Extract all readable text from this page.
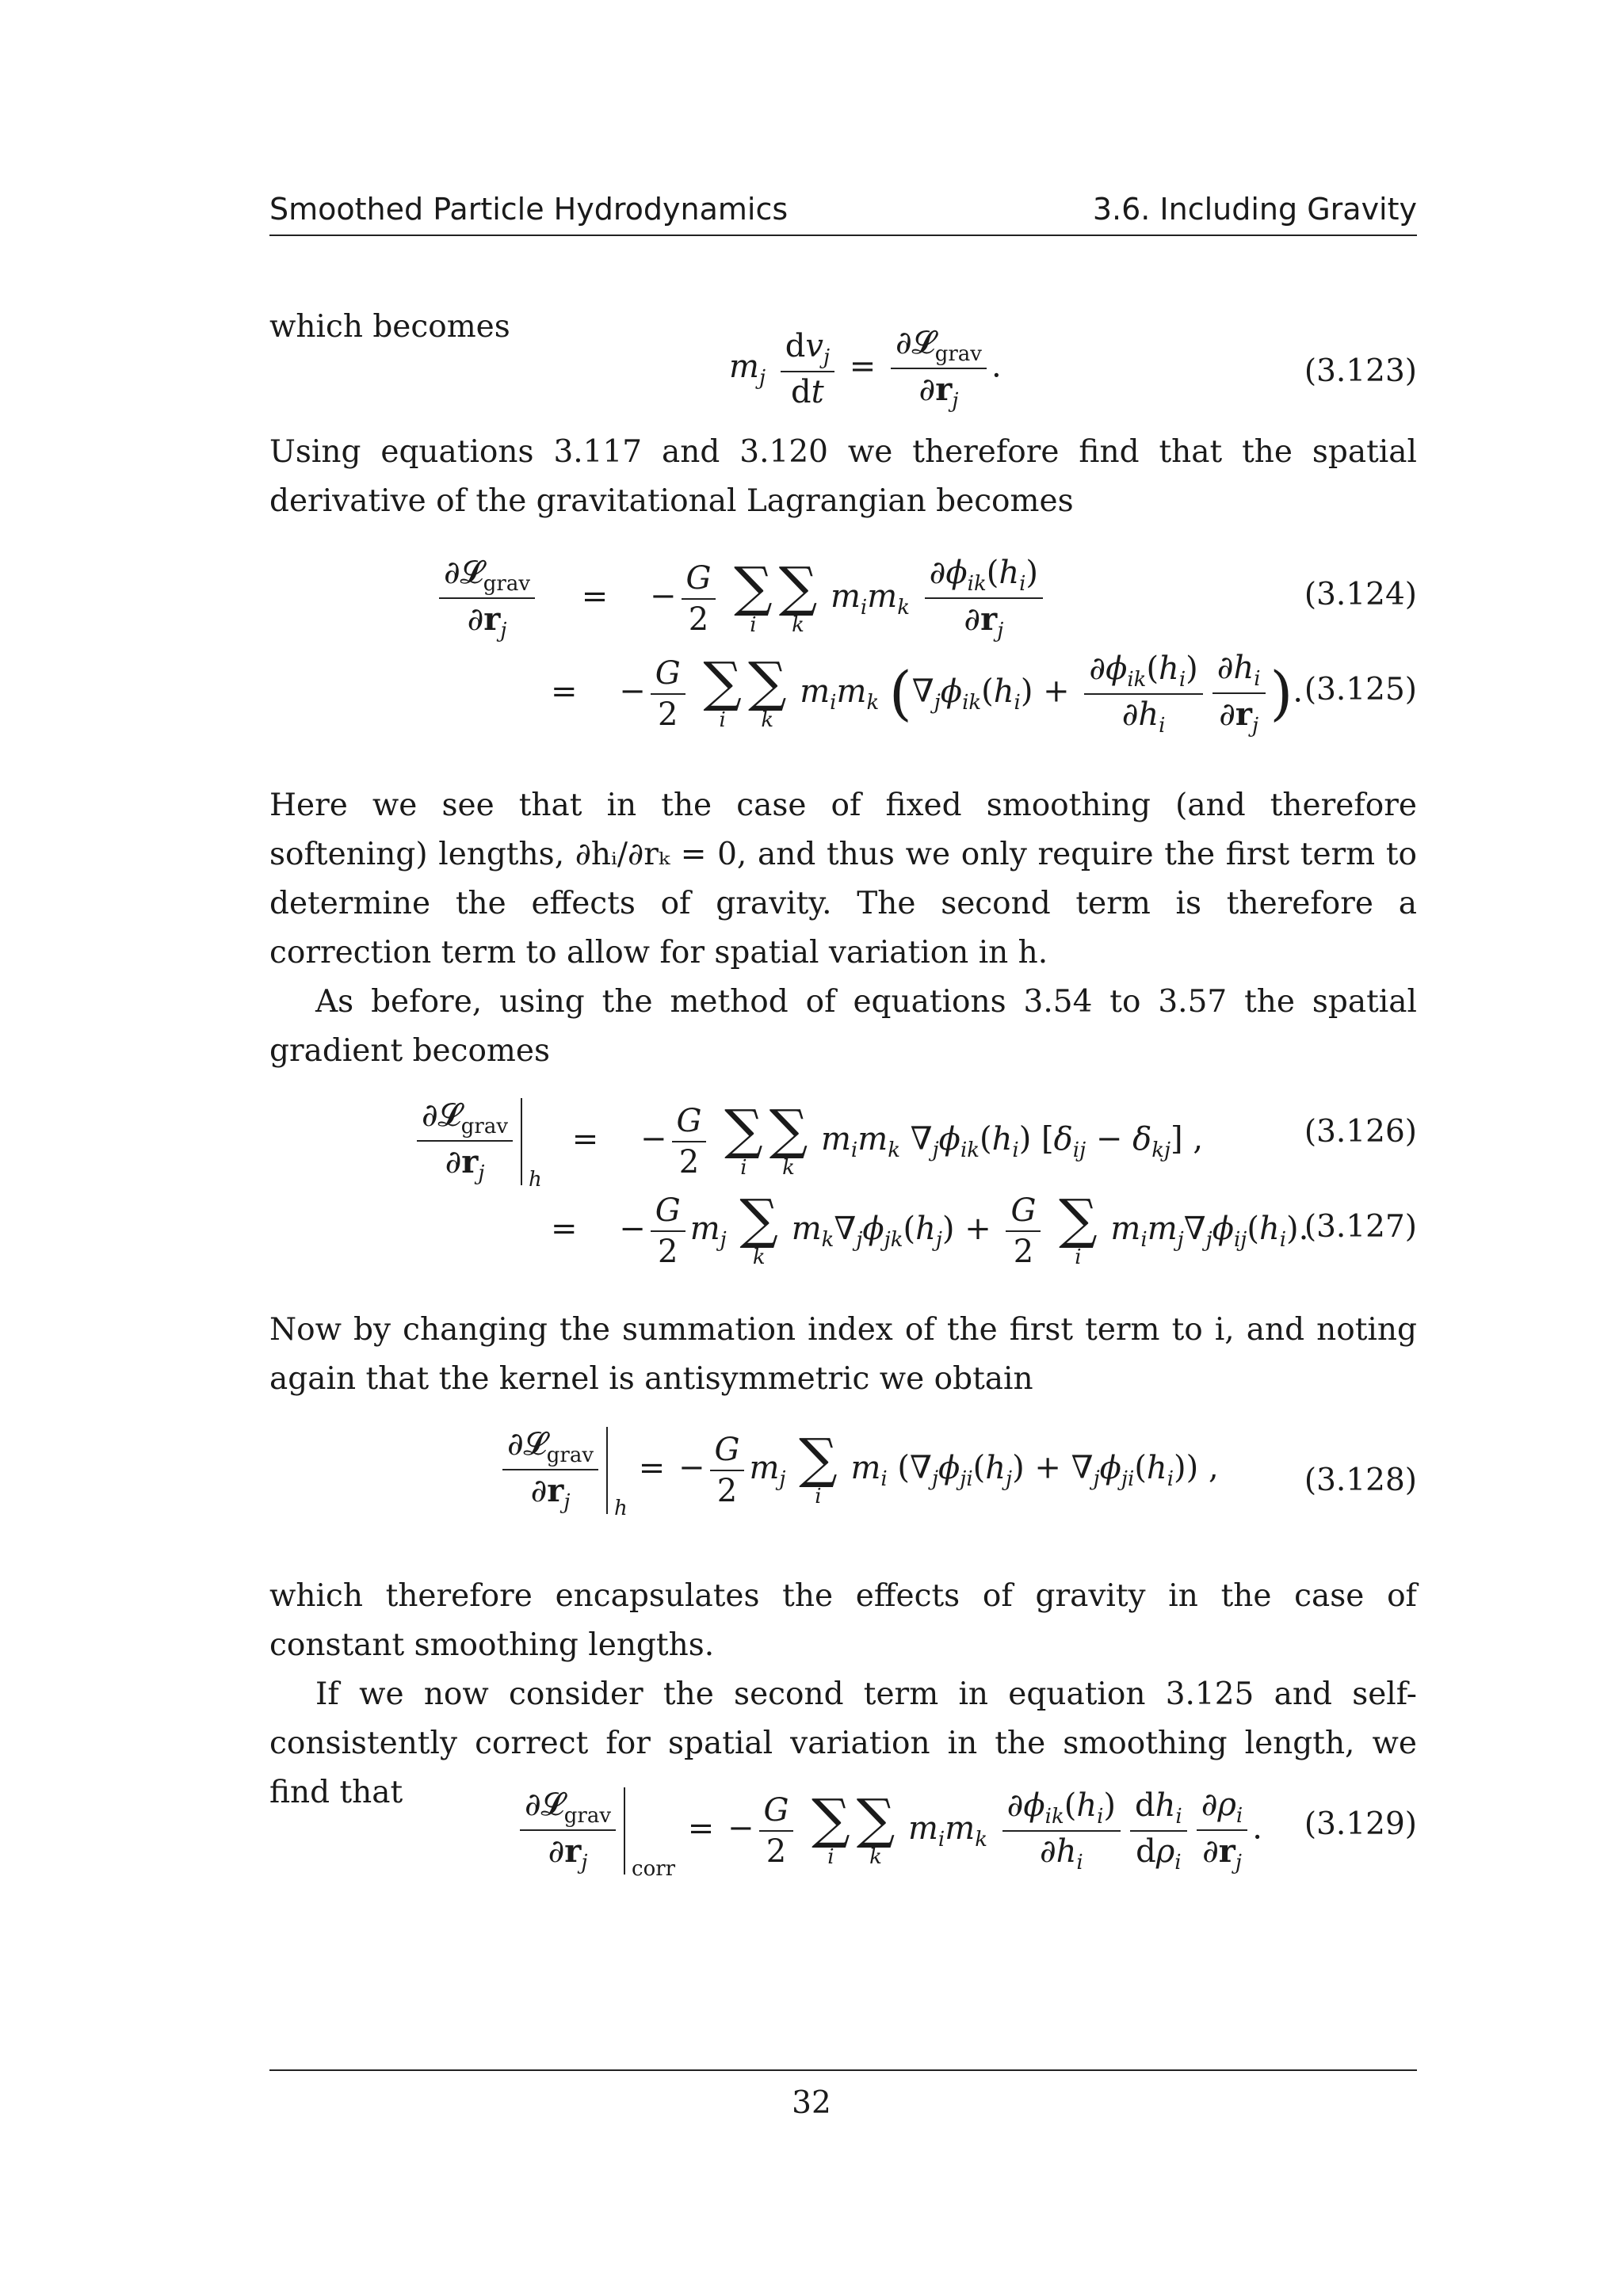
Smoothed Particle Hydrodynamics	3.6. Including Gravity
which becomes
$m_j \frac{dv_j}{dt} = \frac{\partial 𝓛_{grav}}{\partial r_j}$ .	(3.123)
Using equations 3.117 and 3.120 we therefore find that the spatial derivative of the gravitational Lagrangian becomes
$\frac{\partial 𝓛_{grav}}{\partial r_j}$ = − $\frac{G}{2}$
∑
i
∑
k
$m_im_k \frac{\partial\phi_{ik}(h_i)}{\partial r_j}$	(3.124)
= − $\frac{G}{2}$
∑
i
∑
k
$m_im_k$ ($\nabla_j\phi_{ik}(h_i) + \frac{\partial\phi_{ik}(h_i)}{\partial h_i} \frac{\partial h_i}{\partial r_j}$ ). (3.125)
Here we see that in the case of fixed smoothing (and therefore softening) lengths, ∂hᵢ/∂rₖ = 0, and thus we only require the first term to determine the effects of gravity. The second term is therefore a correction term to allow for spatial variation in h.
As before, using the method of equations 3.54 to 3.57 the spatial gradient becomes
$\frac{\partial 𝓛_{grav}}{\partial r_j}$ h
= − $\frac{G}{2}$
∑
i
∑
k
$m_im_k$ $\nabla_j\phi_{ik}(h_i) [\delta_{ij} - \delta_{kj}]$ ,	(3.126)
= − $\frac{G}{2} m_j$ ∑
k
$m_k\nabla_j\phi_{jk}(h_j) + \frac{G}{2}$
∑
i
$m_im_j\nabla_j\phi_{ij}(h_i)$.
(3.127)
Now by changing the summation index of the first term to i, and noting again that the kernel is antisymmetric we obtain
$\frac{\partial 𝓛_{grav}}{\partial r_j}$ h
= − $\frac{G}{2} m_j$ ∑
i
$m_i$ $(\nabla_j\phi_{ji}(h_j) + \nabla_j\phi_{ji}(h_i))$ ,	(3.128)
which therefore encapsulates the effects of gravity in the case of constant smoothing lengths.
If we now consider the second term in equation 3.125 and self-consistently correct for spatial variation in the smoothing length, we find that	$\frac{\partial 𝓛_{grav}}{\partial r_j}$ corr
= − $\frac{G}{2}$
∑
i
∑
k
$m_im_k \frac{\partial\phi_{ik}(h_i)}{\partial h_i} \frac{dh_i}{d\rho_i} \frac{\partial\rho_i}{\partial r_j}$ . (3.129)
32
